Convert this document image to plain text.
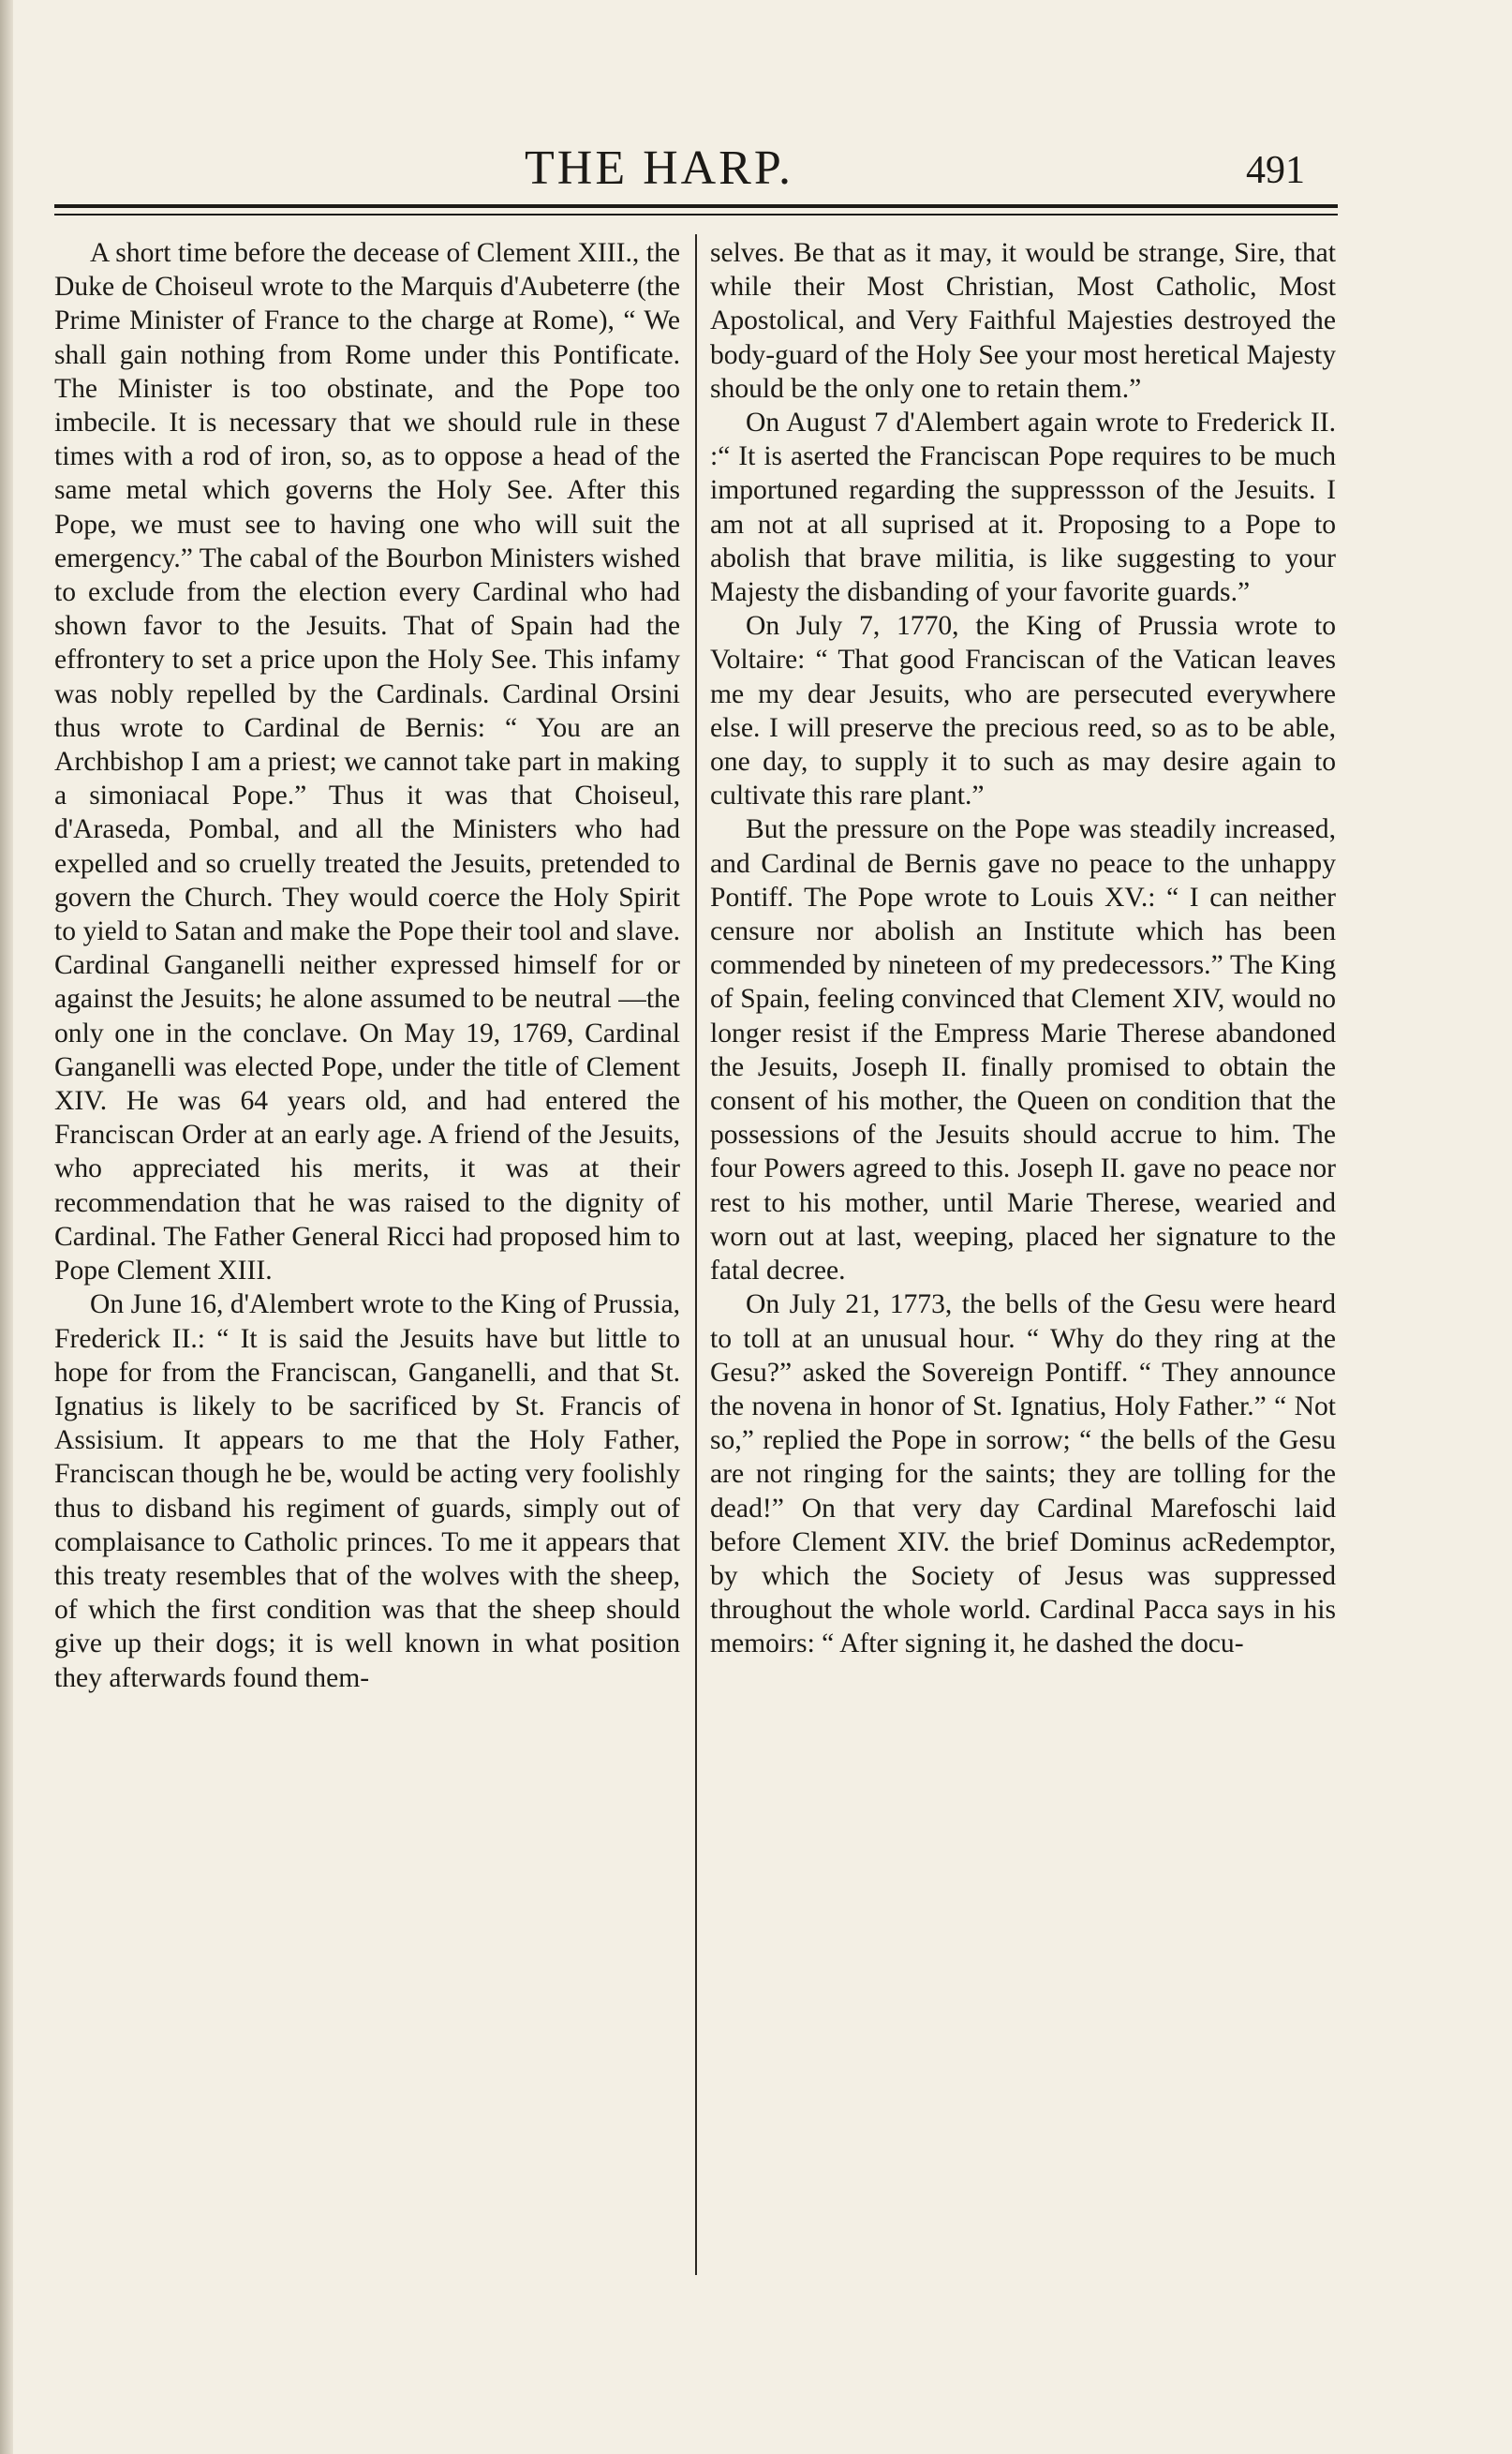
THE HARP.	491

A short time before the decease of Clement XIII., the Duke de Choiseul wrote to the Marquis d'Aubeterre (the Prime Minister of France to the charge at Rome), “ We shall gain nothing from Rome under this Pontificate. The Minister is too obstinate, and the Pope too imbecile. It is necessary that we should rule in these times with a rod of iron, so, as to oppose a head of the same metal which governs the Holy See. After this Pope, we must see to having one who will suit the emergency.” The cabal of the Bourbon Ministers wished to exclude from the election every Cardinal who had shown favor to the Jesuits. That of Spain had the effrontery to set a price upon the Holy See. This infamy was nobly repelled by the Cardinals. Cardinal Orsini thus wrote to Cardinal de Bernis: “ You are an Archbishop I am a priest; we cannot take part in making a simoniacal Pope.” Thus it was that Choiseul, d'Araseda, Pombal, and all the Ministers who had expelled and so cruelly treated the Jesuits, pretended to govern the Church. They would coerce the Holy Spirit to yield to Satan and make the Pope their tool and slave. Cardinal Ganganelli neither expressed himself for or against the Jesuits; he alone assumed to be neutral —the only one in the conclave. On May 19, 1769, Cardinal Ganganelli was elected Pope, under the title of Clement XIV. He was 64 years old, and had entered the Franciscan Order at an early age. A friend of the Jesuits, who appreciated his merits, it was at their recommendation that he was raised to the dignity of Cardinal. The Father General Ricci had proposed him to Pope Clement XIII.

On June 16, d'Alembert wrote to the King of Prussia, Frederick II.: “ It is said the Jesuits have but little to hope for from the Franciscan, Ganganelli, and that St. Ignatius is likely to be sacrificed by St. Francis of Assisium. It appears to me that the Holy Father, Franciscan though he be, would be acting very foolishly thus to disband his regiment of guards, simply out of complaisance to Catholic princes. To me it appears that this treaty resembles that of the wolves with the sheep, of which the first condition was that the sheep should give up their dogs; it is well known in what position they afterwards found them-

selves. Be that as it may, it would be strange, Sire, that while their Most Christian, Most Catholic, Most Apostolical, and Very Faithful Majesties destroyed the body-guard of the Holy See your most heretical Majesty should be the only one to retain them.”

On August 7 d'Alembert again wrote to Frederick II. :“ It is aserted the Franciscan Pope requires to be much importuned regarding the suppressson of the Jesuits. I am not at all suprised at it. Proposing to a Pope to abolish that brave militia, is like suggesting to your Majesty the disbanding of your favorite guards.”

On July 7, 1770, the King of Prussia wrote to Voltaire: “ That good Franciscan of the Vatican leaves me my dear Jesuits, who are persecuted everywhere else. I will preserve the precious reed, so as to be able, one day, to supply it to such as may desire again to cultivate this rare plant.”

But the pressure on the Pope was steadily increased, and Cardinal de Bernis gave no peace to the unhappy Pontiff. The Pope wrote to Louis XV.: “ I can neither censure nor abolish an Institute which has been commended by nineteen of my predecessors.” The King of Spain, feeling convinced that Clement XIV, would no longer resist if the Empress Marie Therese abandoned the Jesuits, Joseph II. finally promised to obtain the consent of his mother, the Queen on condition that the possessions of the Jesuits should accrue to him. The four Powers agreed to this. Joseph II. gave no peace nor rest to his mother, until Marie Therese, wearied and worn out at last, weeping, placed her signature to the fatal decree.

On July 21, 1773, the bells of the Gesu were heard to toll at an unusual hour. “ Why do they ring at the Gesu?” asked the Sovereign Pontiff. “ They announce the novena in honor of St. Ignatius, Holy Father.” “ Not so,” replied the Pope in sorrow; “ the bells of the Gesu are not ringing for the saints; they are tolling for the dead!” On that very day Cardinal Marefoschi laid before Clement XIV. the brief Dominus acRedemptor, by which the Society of Jesus was suppressed throughout the whole world. Cardinal Pacca says in his memoirs: “ After signing it, he dashed the docu-
